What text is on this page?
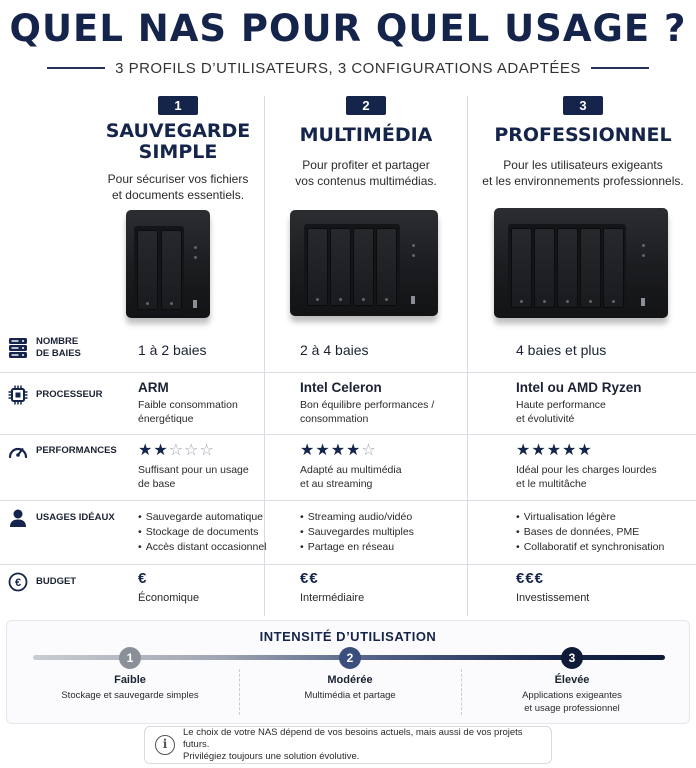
QUEL NAS POUR QUEL USAGE ?
3 PROFILS D’UTILISATEURS, 3 CONFIGURATIONS ADAPTÉES
1
SAUVEGARDE
SIMPLE
Pour sécuriser vos fichiers
et documents essentiels.
2
MULTIMÉDIA
Pour profiter et partager
vos contenus multimédias.
3
PROFESSIONNEL
Pour les utilisateurs exigeants
et les environnements professionnels.
NOMBRE
DE BAIES	1 à 2 baies	2 à 4 baies	4 baies et plus
PROCESSEUR	ARM
Faible consommation
énergétique
Intel Celeron
Bon équilibre performances /
consommation
Intel ou AMD Ryzen
Haute performance
et évolutivité
PERFORMANCES ★★☆☆☆
Suffisant pour un usage
de base
★★★★☆
Adapté au multimédia
et au streaming
★★★★★
Idéal pour les charges lourdes
et le multitâche
USAGES IDÉAUX
•	Sauvegarde automatique
• Stockage de documents
• Accès distant occasionnel
• Streaming audio/vidéo
• Sauvegardes multiples
• Partage en réseau
• Virtualisation légère
• Bases de données, PME
• Collaboratif et synchronisation
€ BUDGET	€
Économique
€€
Intermédiaire
€€€
Investissement
INTENSITÉ D’UTILISATION
1	2	3
Faible
Stockage et sauvegarde simples
Modérée
Multimédia et partage
Élevée
Applications exigeantes
et usage professionnel
i
Le choix de votre NAS dépend de vos besoins actuels, mais aussi de vos projets futurs.
Privilégiez toujours une solution évolutive.
